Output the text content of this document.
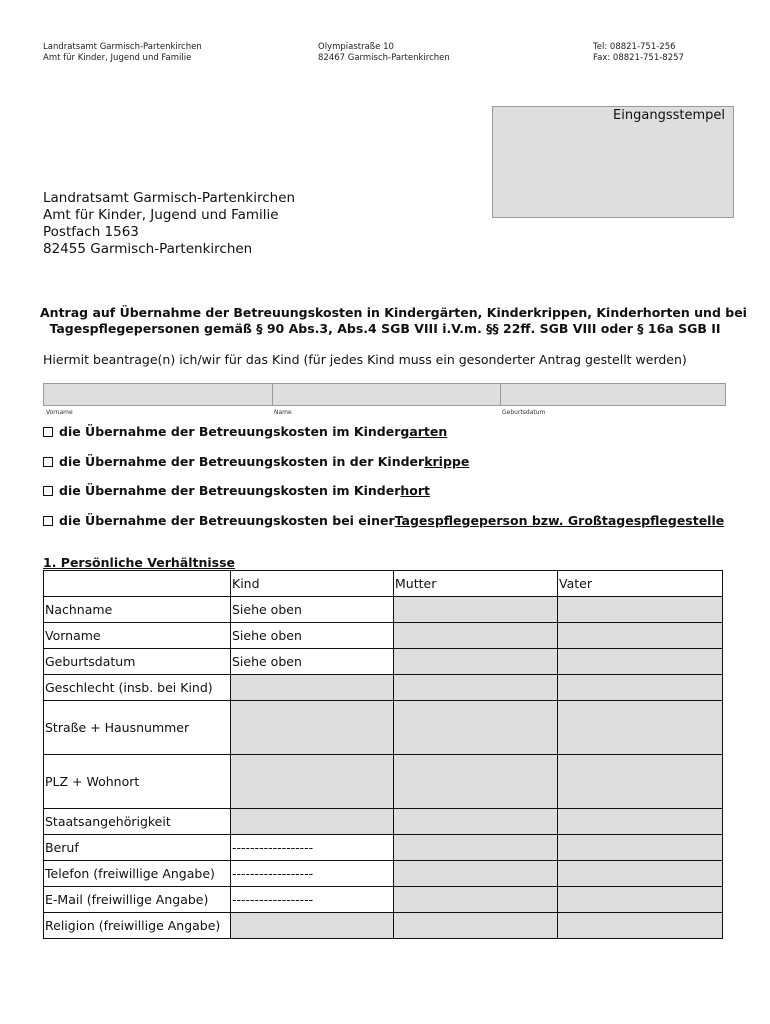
Landratsamt Garmisch-Partenkirchen
Amt für Kinder, Jugend und Familie
Olympiastraße 10
82467 Garmisch-Partenkirchen
Tel: 08821-751-256
Fax: 08821-751-8257
Eingangsstempel
Landratsamt Garmisch-Partenkirchen
Amt für Kinder, Jugend und Familie
Postfach 1563
82455 Garmisch-Partenkirchen
Antrag auf Übernahme der Betreuungskosten in Kindergärten, Kinderkrippen, Kinderhorten und bei
Tagespflegepersonen gemäß § 90 Abs.3, Abs.4 SGB VIII i.V.m. §§ 22ff. SGB VIII oder § 16a SGB II
Hiermit beantrage(n) ich/wir für das Kind (für jedes Kind muss ein gesonderter Antrag gestellt werden)
Vorname	Name	Geburtsdatum
die Übernahme der Betreuungskosten im Kinder garten
die Übernahme der Betreuungskosten in der Kinder krippe
die Übernahme der Betreuungskosten im Kinder hort
die Übernahme der Betreuungskosten bei einer Tagespflegeperson bzw. Großtagespflegestelle
1. Persönliche Verhältnisse
	Kind	Mutter	Vater
Nachname	Siehe oben		
Vorname	Siehe oben		
Geburtsdatum	Siehe oben		
Geschlecht (insb. bei Kind)			
Straße + Hausnummer			
PLZ + Wohnort			
Staatsangehörigkeit			
Beruf	------------------		
Telefon (freiwillige Angabe)	------------------		
E-Mail (freiwillige Angabe)	------------------		
Religion (freiwillige Angabe)			
